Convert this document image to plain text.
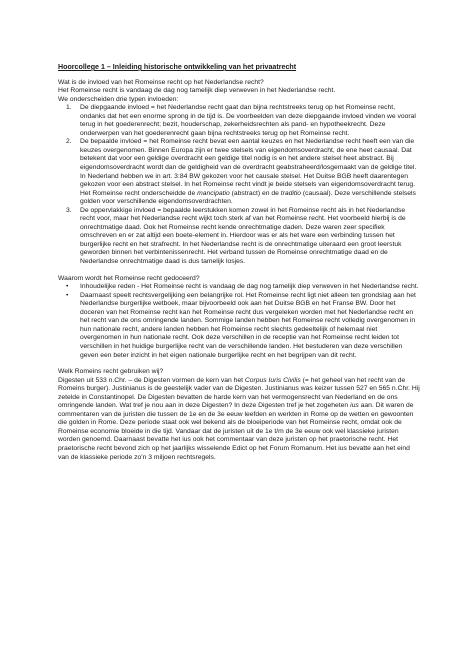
Hoorcollege 1 – Inleiding historische ontwikkeling van het privaatrecht

Wat is de invloed van het Romeinse recht op het Nederlandse recht?

Het Romeinse recht is vandaag de dag nog tamelijk diep verweven in het Nederlandse recht.

We onderscheiden drie typen invloeden:

1. De diepgaande invloed = het Nederlandse recht gaat dan bijna rechtstreeks terug op het Romeinse recht, ondanks dat het een enorme sprong in de tijd is. De voorbeelden van deze diepgaande invloed vinden we vooral terug in het goederenrecht; bezit, houderschap, zekerheidsrechten als pand- en hypotheekrecht. Deze onderwerpen van het goederenrecht gaan bijna rechtstreeks terug op het Romeinse recht.
2. De bepaalde invloed = het Romeinse recht bevat een aantal keuzes en het Nederlandse recht heeft een van die keuzes overgenomen. Binnen Europa zijn er twee stelsels van eigendomsoverdracht, de ene heet causaal. Dat betekent dat voor een geldige overdracht een geldige titel nodig is en het andere stelsel heet abstract. Bij eigendomsoverdracht wordt dan de geldigheid van de overdracht geabstraheerd/losgemaakt van de geldige titel. In Nederland hebben we in art. 3:84 BW gekozen voor het causale stelsel. Het Duitse BGB heeft daarentegen gekozen voor een abstract stelsel. In het Romeinse recht vindt je beide stelsels van eigendomsoverdracht terug. Het Romeinse recht onderscheidde de mancipatio (abstract) en de traditio (causaal). Deze verschillende stelsels golden voor verschillende eigendomsoverdrachten.
3. De oppervlakkige invloed = bepaalde leerstukken komen zowel in het Romeinse recht als in het Nederlandse recht voor, maar het Nederlandse recht wijkt toch sterk af van het Romeinse recht. Het voorbeeld hierbij is de onrechtmatige daad. Ook het Romeinse recht kende onrechtmatige daden. Deze waren zeer specifiek omschreven en er zat altijd een boete-element in. Hierdoor was er als het ware een verbinding tussen het burgerlijke recht en het strafrecht. In het Nederlandse recht is de onrechtmatige uiteraard een groot leerstuk geworden binnen het verbintenissenrecht. Het verband tussen de Romeinse onrechtmatige daad en de Nederlandse onrechtmatige daad is dus tamelijk losjes.

Waarom wordt het Romeinse recht gedoceerd?

• Inhoudelijke reden - Het Romeinse recht is vandaag de dag nog tamelijk diep verweven in het Nederlandse recht.
• Daarnaast speelt rechtsvergelijking een belangrijke rol. Het Romeinse recht ligt niet alleen ten grondslag aan het Nederlandse burgerlijke wetboek, maar bijvoorbeeld ook aan het Duitse BGB en het Franse BW. Door het doceren van het Romeinse recht kan het Romeinse recht dus vergeleken worden met het Nederlandse recht en het recht van de ons omringende landen. Sommige landen hebben het Romeinse recht volledig overgenomen in hun nationale recht, andere landen hebben het Romeinse recht slechts gedeeltelijk of helemaal niet overgenomen in hun nationale recht. Ook deze verschillen in de receptie van het Romeinse recht leiden tot verschillen in het huidige burgerlijke recht van de verschillende landen. Het bestuderen van deze verschillen geven een beter inzicht in het eigen nationale burgerlijke recht en het begrijpen van dit recht.

Welk Romeins recht gebruiken wij?

Digesten uit 533 n.Chr. – de Digesten vormen de kern van het Corpus Iuris Civilis (= het geheel van het recht van de Romeins burger). Justinianus is de geestelijk vader van de Digesten. Justinianus was keizer tussen 527 en 565 n.Chr. Hij zetelde in Constantinopel. De Digesten bevatten de harde kern van het vermogensrecht van Nederland en de ons omringende landen. Wat tref je nou aan in deze Digesten? In deze Digesten tref je het zogeheten ius aan. Dit waren de commentaren van de juristen die tussen de 1e en de 3e eeuw leefden en werkten in Rome op de wetten en gewoonten die golden in Rome. Deze periode staat ook wel bekend als de bloeiperiode van het Romeinse recht, omdat ook de Romeinse economie bloeide in die tijd. Vandaar dat de juristen uit de 1e t/m de 3e eeuw ook wel klassieke juristen worden genoemd. Daarnaast bevatte het ius ook het commentaar van deze juristen op het praetorische recht. Het praetorische recht bevond zich op het jaarlijks wisselende Edict op het Forum Romanum. Het ius bevatte aan het eind van de klassieke periode zo'n 3 miljoen rechtsregels.
